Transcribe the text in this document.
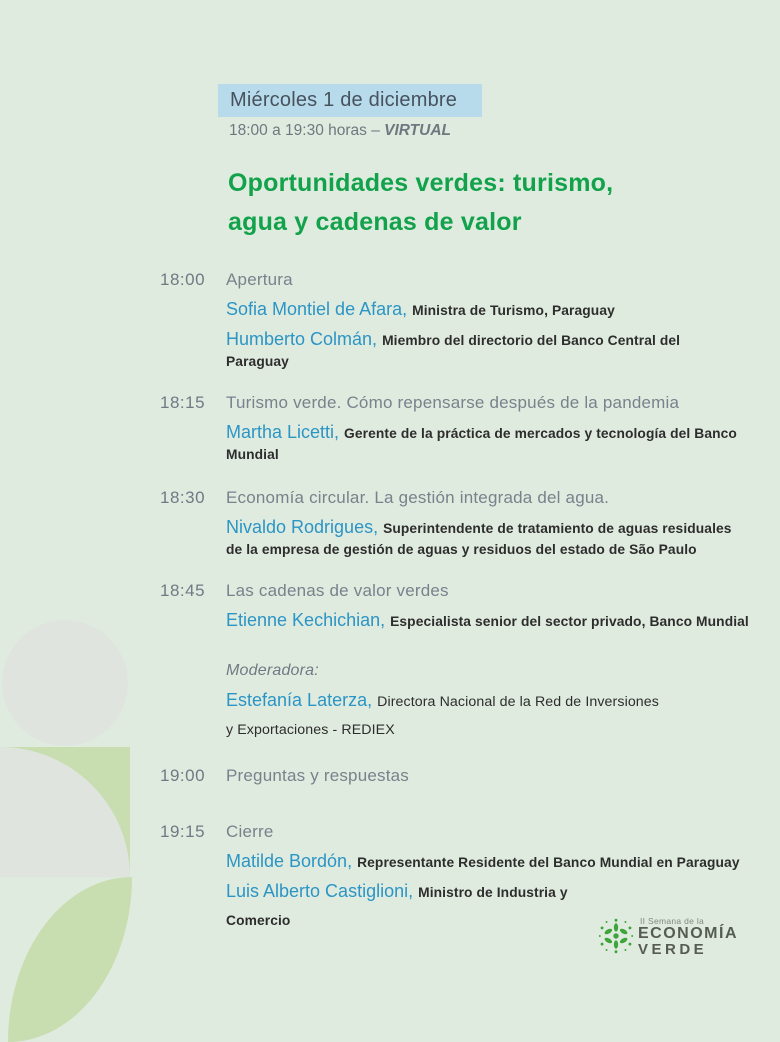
Miércoles 1 de diciembre
18:00 a 19:30 horas – VIRTUAL
Oportunidades verdes: turismo,
agua y cadenas de valor
18:00	Apertura

Sofia Montiel de Afara, Ministra de Turismo, Paraguay

Humberto Colmán, Miembro del directorio del Banco Central del
Paraguay

18:15	Turismo verde. Cómo repensarse después de la pandemia

Martha Licetti, Gerente de la práctica de mercados y tecnología del Banco
Mundial

18:30	Economía circular. La gestión integrada del agua.

Nivaldo Rodrigues, Superintendente de tratamiento de aguas residuales
de la empresa de gestión de aguas y residuos del estado de São Paulo

18:45	Las cadenas de valor verdes

Etienne Kechichian, Especialista senior del sector privado, Banco Mundial

Moderadora:

Estefanía Laterza, Directora Nacional de la Red de Inversiones
y Exportaciones - REDIEX

19:00	Preguntas y respuestas
19:15	Cierre

Matilde Bordón, Representante Residente del Banco Mundial en Paraguay

Luis Alberto Castiglioni, Ministro de Industria y
Comercio	II Semana de la
ECONOMÍA
VERDE
